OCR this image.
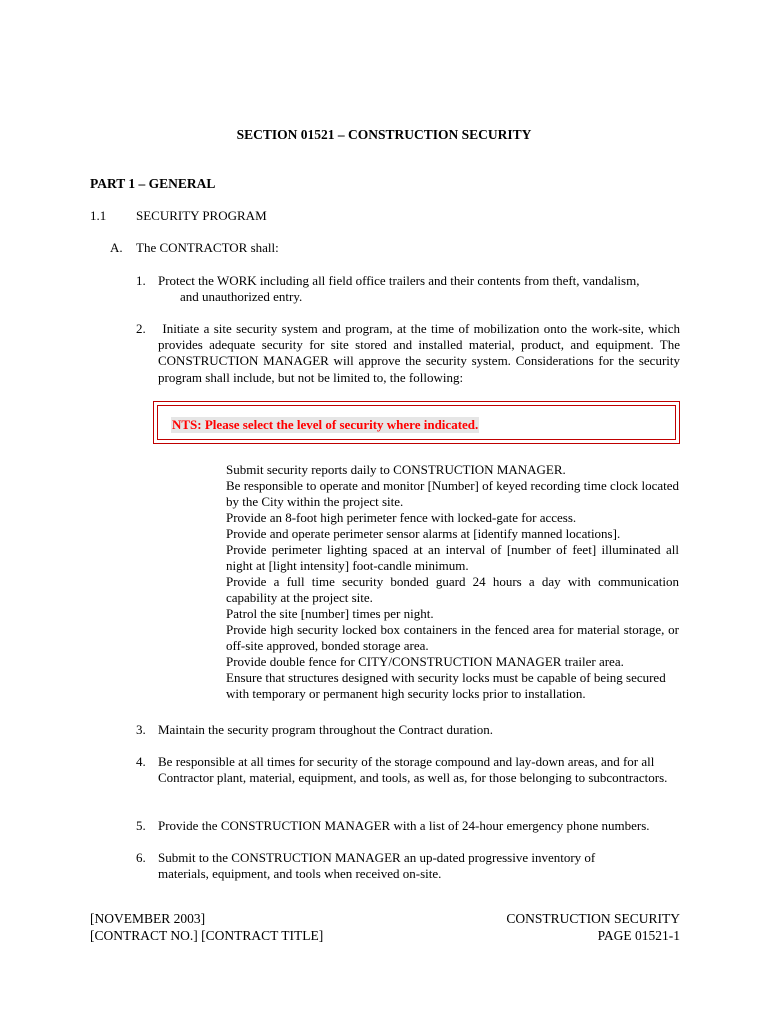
SECTION 01521 – CONSTRUCTION SECURITY
PART 1 – GENERAL
1.1 SECURITY PROGRAM
A. The CONTRACTOR shall:
1. Protect the WORK including all field office trailers and their contents from theft, vandalism,
and unauthorized entry.
2. Initiate a site security system and program, at the time of mobilization onto the work-site, which provides adequate security for site stored and installed material, product, and equipment. The CONSTRUCTION MANAGER will approve the security system. Considerations for the security program shall include, but not be limited to, the following:
NTS: Please select the level of security where indicated.
Submit security reports daily to CONSTRUCTION MANAGER.
Be responsible to operate and monitor [Number] of keyed recording time clock located by the City within the project site.
Provide an 8-foot high perimeter fence with locked-gate for access.
Provide and operate perimeter sensor alarms at [identify manned locations].
Provide perimeter lighting spaced at an interval of [number of feet] illuminated all night at [light intensity] foot-candle minimum.
Provide a full time security bonded guard 24 hours a day with communication capability at the project site.
Patrol the site [number] times per night.
Provide high security locked box containers in the fenced area for material storage, or off-site approved, bonded storage area.
Provide double fence for CITY/CONSTRUCTION MANAGER trailer area.
Ensure that structures designed with security locks must be capable of being secured with temporary or permanent high security locks prior to installation.
3. Maintain the security program throughout the Contract duration.
4. Be responsible at all times for security of the storage compound and lay-down areas, and for all Contractor plant, material, equipment, and tools, as well as, for those belonging to subcontractors.
5. Provide the CONSTRUCTION MANAGER with a list of 24-hour emergency phone numbers.
6. Submit to the CONSTRUCTION MANAGER an up-dated progressive inventory of materials, equipment, and tools when received on-site.
[NOVEMBER 2003]
[CONTRACT NO.] [CONTRACT TITLE]
CONSTRUCTION SECURITY
PAGE 01521-1
